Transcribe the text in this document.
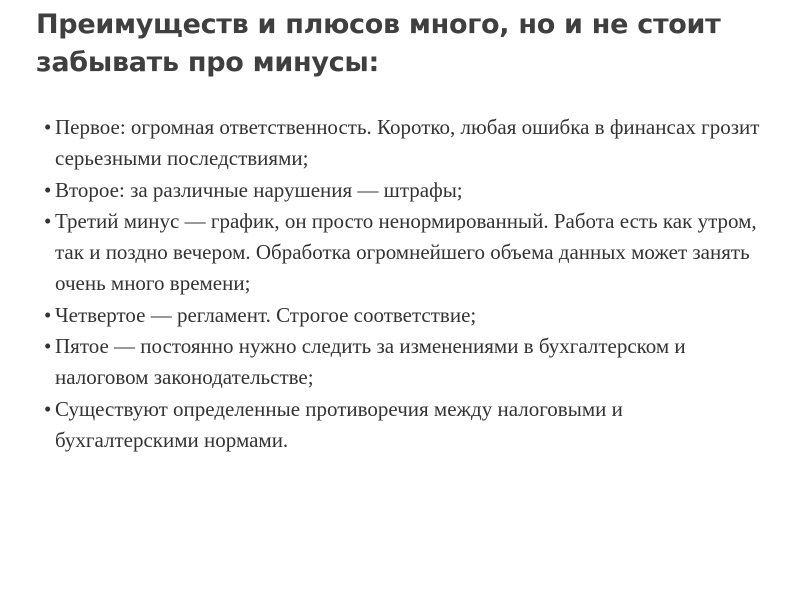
Преимуществ и плюсов много, но и не стоит забывать про минусы:
• Первое: огромная ответственность. Коротко, любая ошибка в финансах грозит серьезными последствиями;
• Второе: за различные нарушения — штрафы;
• Третий минус — график, он просто ненормированный. Работа есть как утром, так и поздно вечером. Обработка огромнейшего объема данных может занять очень много времени;
• Четвертое — регламент. Строгое соответствие;
• Пятое — постоянно нужно следить за изменениями в бухгалтерском и налоговом законодательстве;
• Существуют определенные противоречия между налоговыми и бухгалтерскими нормами.
